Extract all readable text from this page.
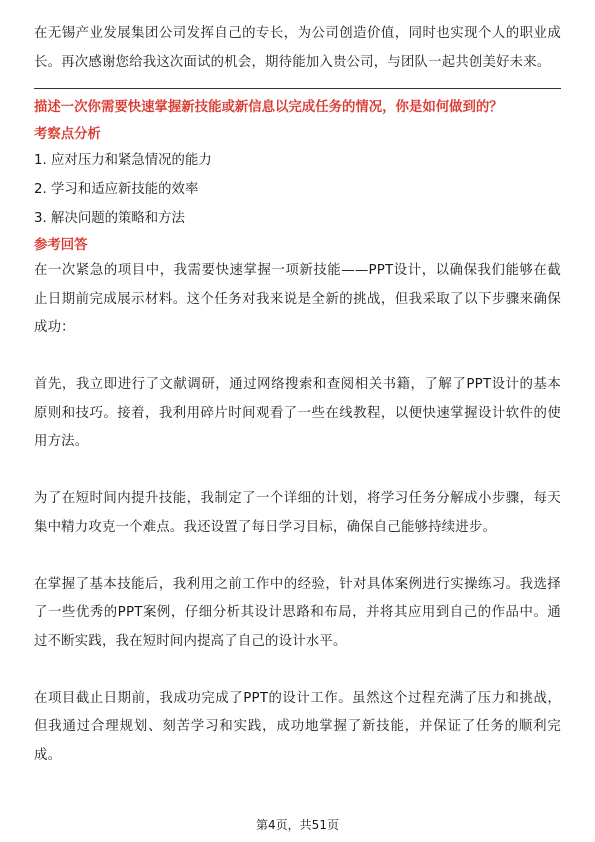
在无锡产业发展集团公司发挥自己的专长，为公司创造价值，同时也实现个人的职业成长。再次感谢您给我这次面试的机会，期待能加入贵公司，与团队一起共创美好未来。

描述一次你需要快速掌握新技能或新信息以完成任务的情况，你是如何做到的？

考察点分析

1. 应对压力和紧急情况的能力

2. 学习和适应新技能的效率

3. 解决问题的策略和方法

参考回答

在一次紧急的项目中，我需要快速掌握一项新技能——PPT设计，以确保我们能够在截止日期前完成展示材料。这个任务对我来说是全新的挑战，但我采取了以下步骤来确保成功：

首先，我立即进行了文献调研，通过网络搜索和查阅相关书籍，了解了PPT设计的基本原则和技巧。接着，我利用碎片时间观看了一些在线教程，以便快速掌握设计软件的使用方法。

为了在短时间内提升技能，我制定了一个详细的计划，将学习任务分解成小步骤，每天集中精力攻克一个难点。我还设置了每日学习目标，确保自己能够持续进步。

在掌握了基本技能后，我利用之前工作中的经验，针对具体案例进行实操练习。我选择了一些优秀的PPT案例，仔细分析其设计思路和布局，并将其应用到自己的作品中。通过不断实践，我在短时间内提高了自己的设计水平。

在项目截止日期前，我成功完成了PPT的设计工作。虽然这个过程充满了压力和挑战，但我通过合理规划、刻苦学习和实践，成功地掌握了新技能，并保证了任务的顺利完成。

第4页，共51页
